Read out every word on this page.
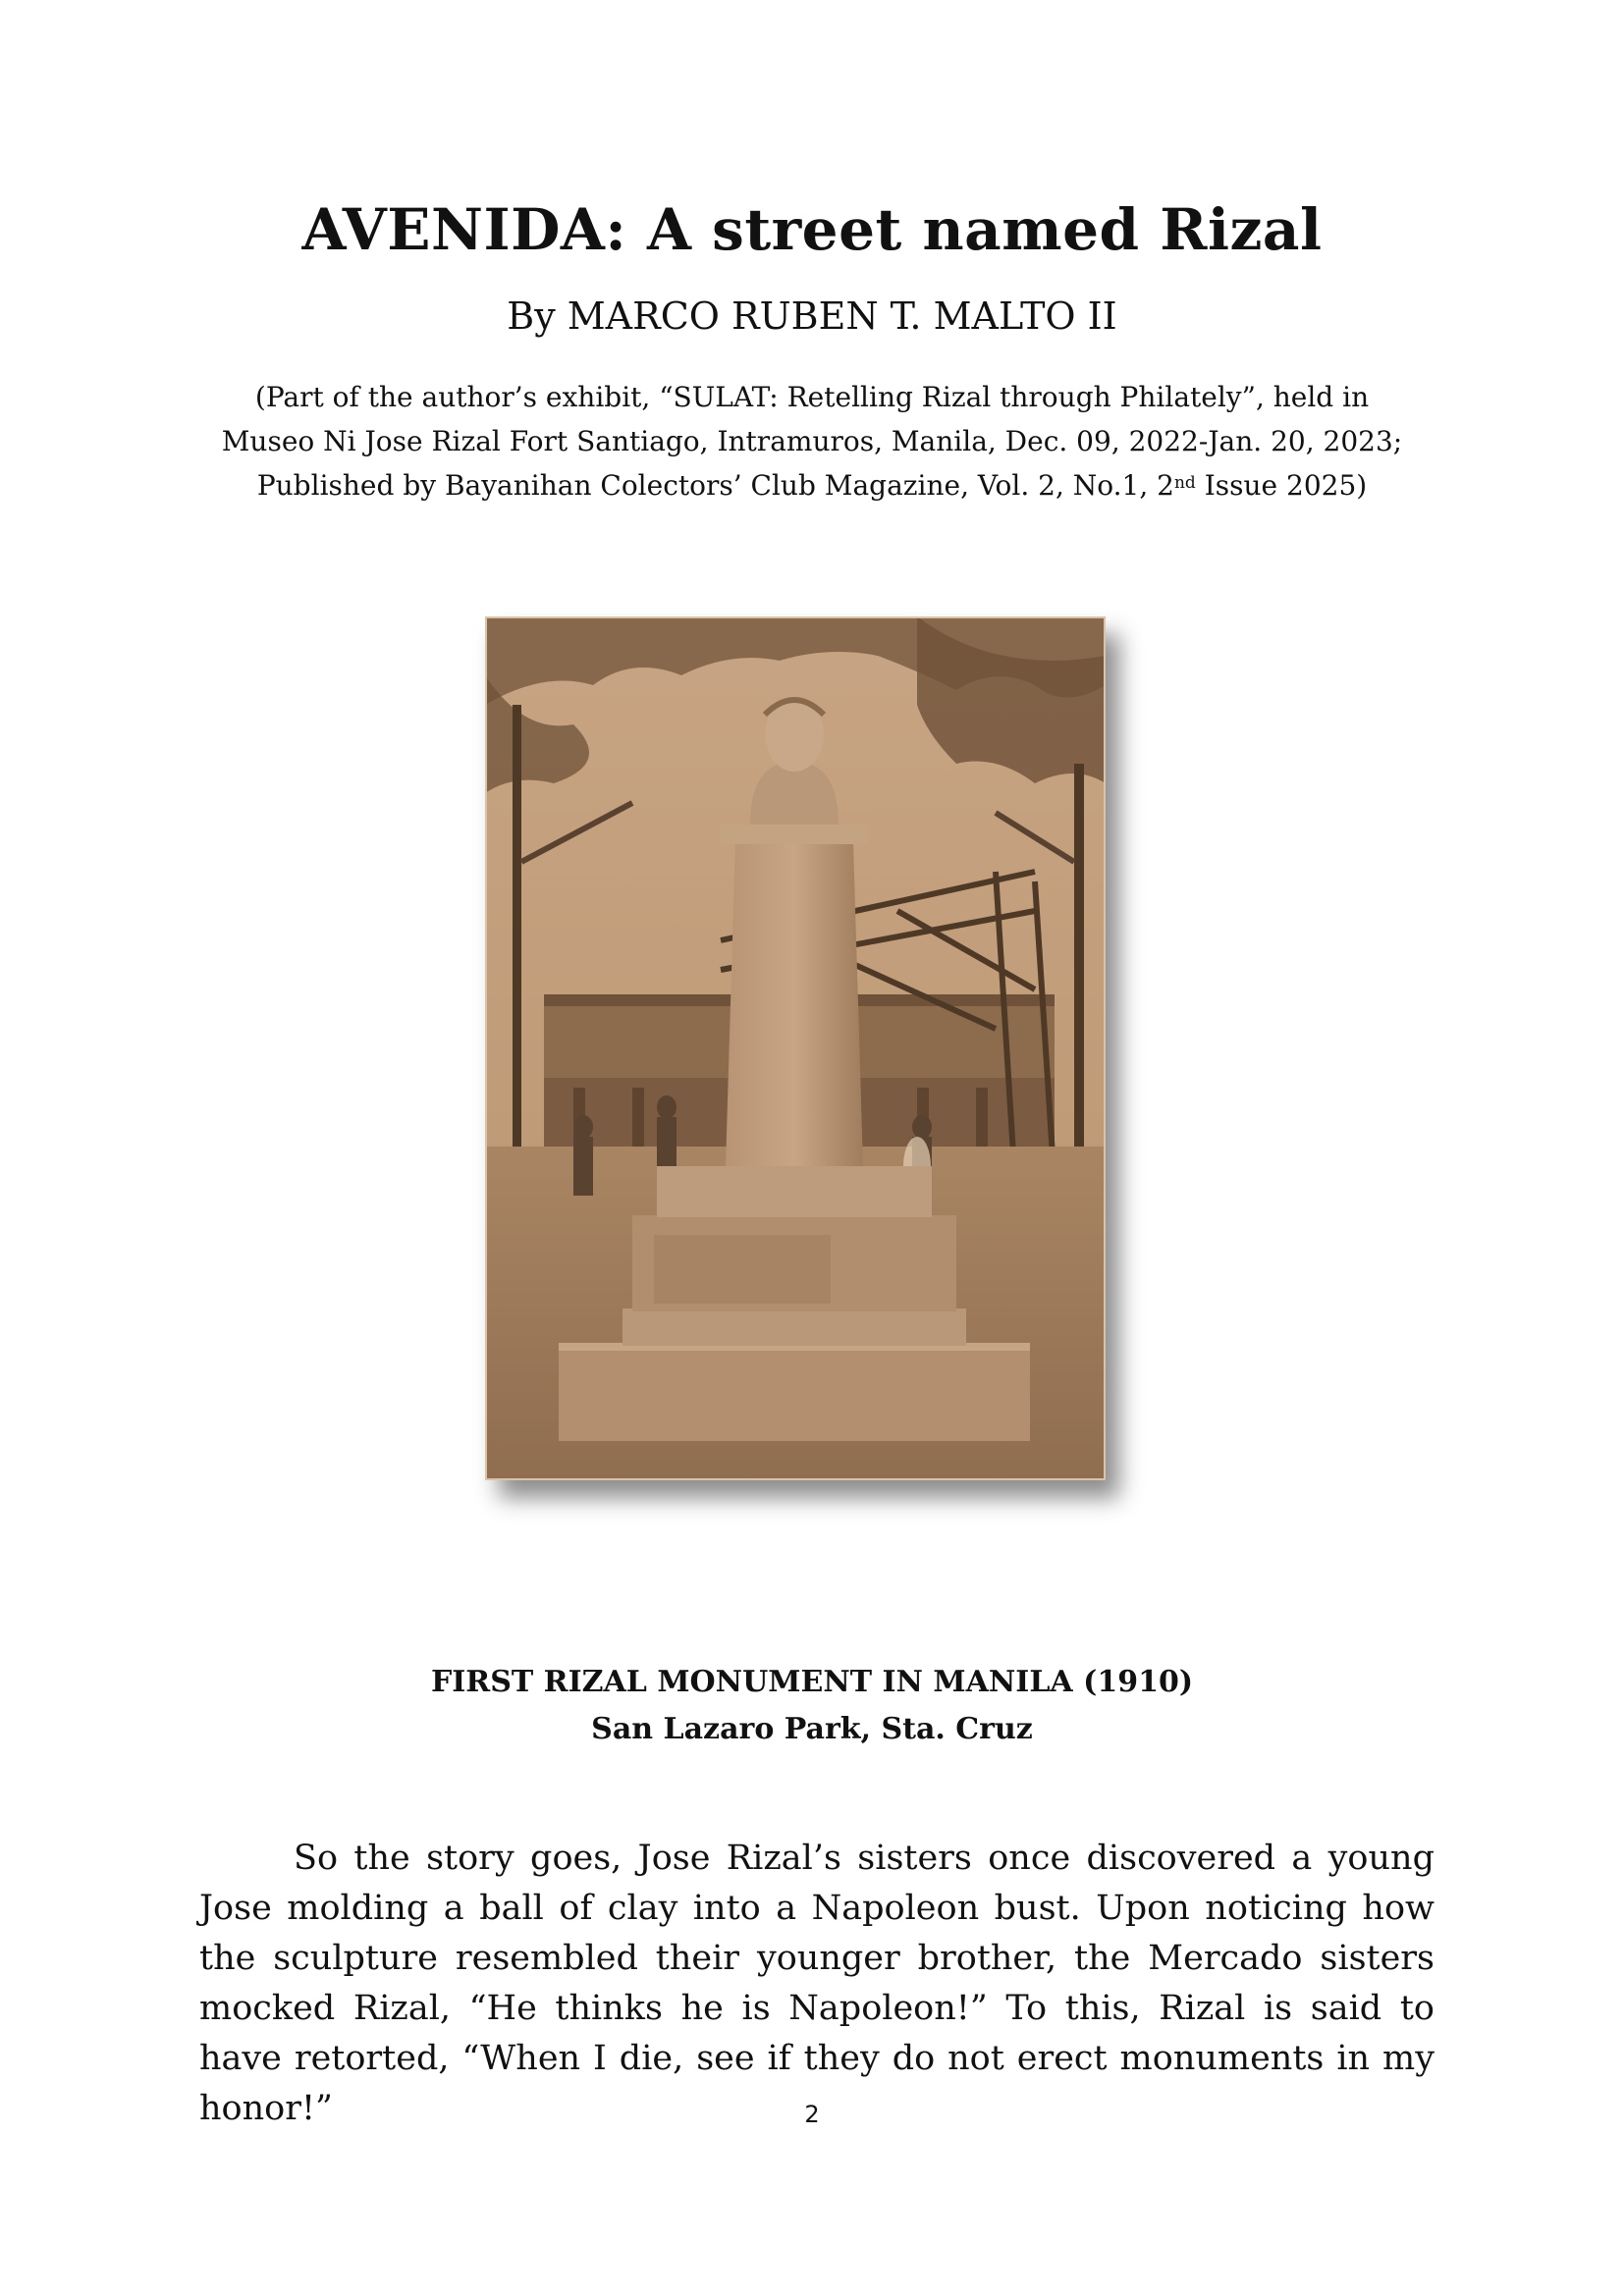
AVENIDA: A street named Rizal
By MARCO RUBEN T. MALTO II
(Part of the author’s exhibit, “SULAT: Retelling Rizal through Philately”, held in
Museo Ni Jose Rizal Fort Santiago, Intramuros, Manila, Dec. 09, 2022-Jan. 20, 2023;
Published by Bayanihan Colectors’ Club Magazine, Vol. 2, No.1, 2nd Issue 2025)
FIRST RIZAL MONUMENT IN MANILA (1910)
San Lazaro Park, Sta. Cruz
So the story goes, Jose Rizal’s sisters once discovered a young Jose molding a ball of clay into a Napoleon bust. Upon noticing how the sculpture resembled their younger brother, the Mercado sisters mocked Rizal, “He thinks he is Napoleon!” To this, Rizal is said to have retorted, “When I die, see if they do not erect monuments in my honor!”	2
